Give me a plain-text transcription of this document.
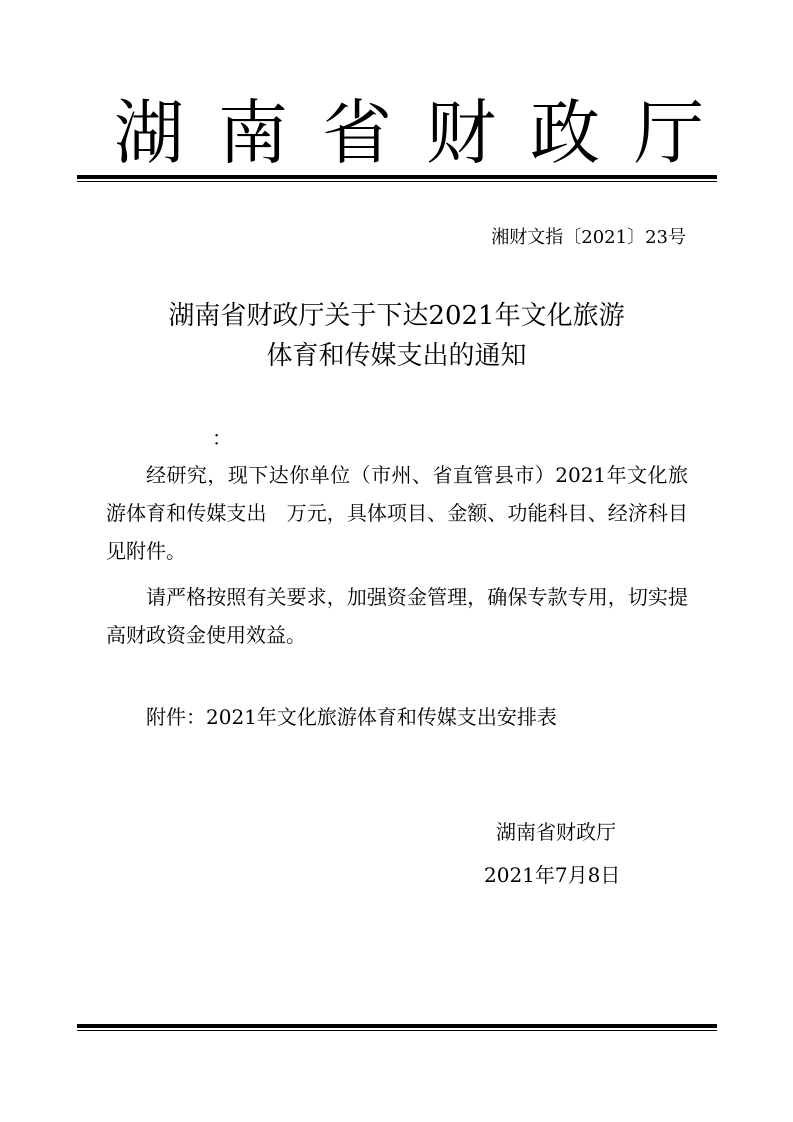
湖南省财政厅
湘财文指〔2021〕23号
湖南省财政厅关于下达2021年文化旅游
体育和传媒支出的通知
：
经研究，现下达你单位（市州、省直管县市）2021年文化旅游体育和传媒支出　万元，具体项目、金额、功能科目、经济科目见附件。
请严格按照有关要求，加强资金管理，确保专款专用，切实提高财政资金使用效益。
附件：2021年文化旅游体育和传媒支出安排表
湖南省财政厅
2021年7月8日
